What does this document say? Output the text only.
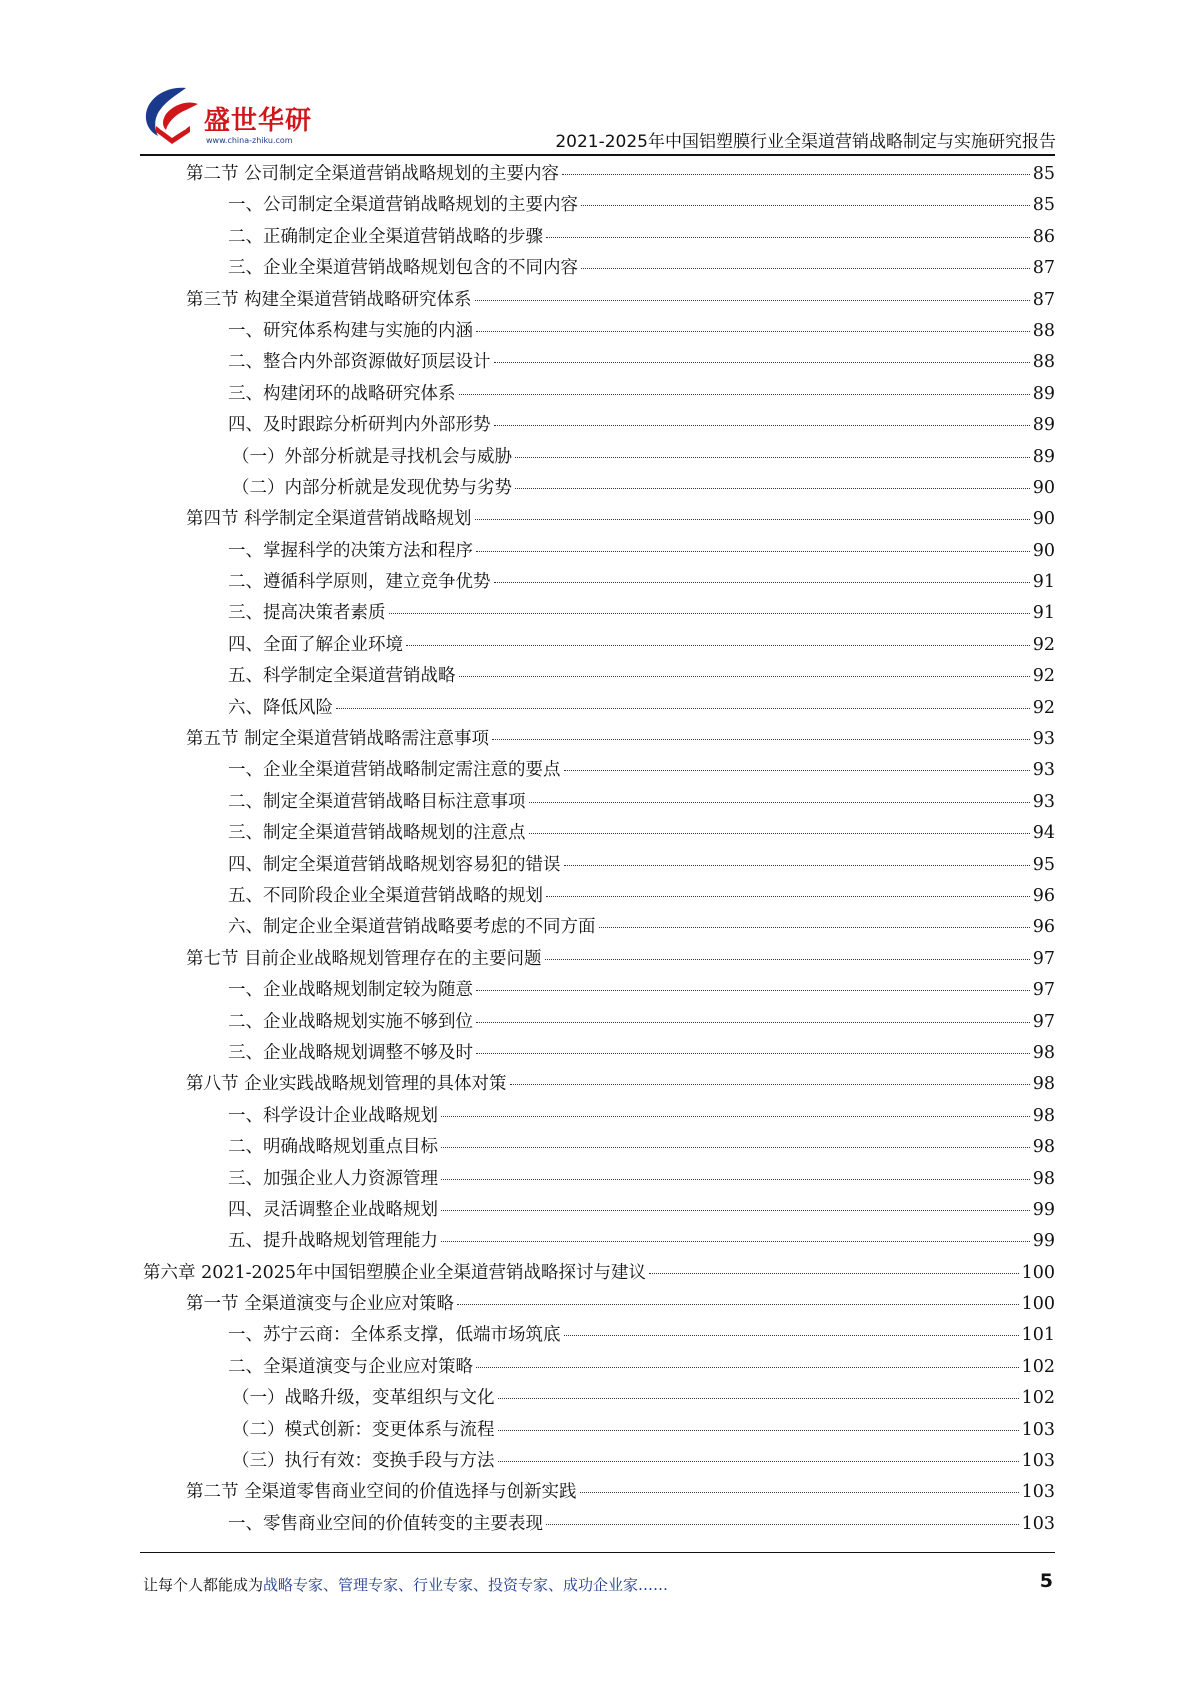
盛世华研
www.china-zhiku.com	2021-2025年中国铝塑膜行业全渠道营销战略制定与实施研究报告
第二节 公司制定全渠道营销战略规划的主要内容	85
一、公司制定全渠道营销战略规划的主要内容	85
二、正确制定企业全渠道营销战略的步骤	86
三、企业全渠道营销战略规划包含的不同内容	87
第三节 构建全渠道营销战略研究体系	87
一、研究体系构建与实施的内涵	88
二、整合内外部资源做好顶层设计	88
三、构建闭环的战略研究体系	89
四、及时跟踪分析研判内外部形势	89
（一）外部分析就是寻找机会与威胁	89
（二）内部分析就是发现优势与劣势	90
第四节 科学制定全渠道营销战略规划	90
一、掌握科学的决策方法和程序	90
二、遵循科学原则，建立竞争优势	91
三、提高决策者素质	91
四、全面了解企业环境	92
五、科学制定全渠道营销战略	92
六、降低风险	92
第五节 制定全渠道营销战略需注意事项	93
一、企业全渠道营销战略制定需注意的要点	93
二、制定全渠道营销战略目标注意事项	93
三、制定全渠道营销战略规划的注意点	94
四、制定全渠道营销战略规划容易犯的错误	95
五、不同阶段企业全渠道营销战略的规划	96
六、制定企业全渠道营销战略要考虑的不同方面	96
第七节 目前企业战略规划管理存在的主要问题	97
一、企业战略规划制定较为随意	97
二、企业战略规划实施不够到位	97
三、企业战略规划调整不够及时	98
第八节 企业实践战略规划管理的具体对策	98
一、科学设计企业战略规划	98
二、明确战略规划重点目标	98
三、加强企业人力资源管理	98
四、灵活调整企业战略规划	99
五、提升战略规划管理能力	99
第六章 2021-2025年中国铝塑膜企业全渠道营销战略探讨与建议	100
第一节 全渠道演变与企业应对策略	100
一、苏宁云商：全体系支撑，低端市场筑底	101
二、全渠道演变与企业应对策略	102
（一）战略升级，变革组织与文化	102
（二）模式创新：变更体系与流程	103
（三）执行有效：变换手段与方法	103
第二节 全渠道零售商业空间的价值选择与创新实践	103
一、零售商业空间的价值转变的主要表现	103
让每个人都能成为战略专家、管理专家、行业专家、投资专家、成功企业家……	5
